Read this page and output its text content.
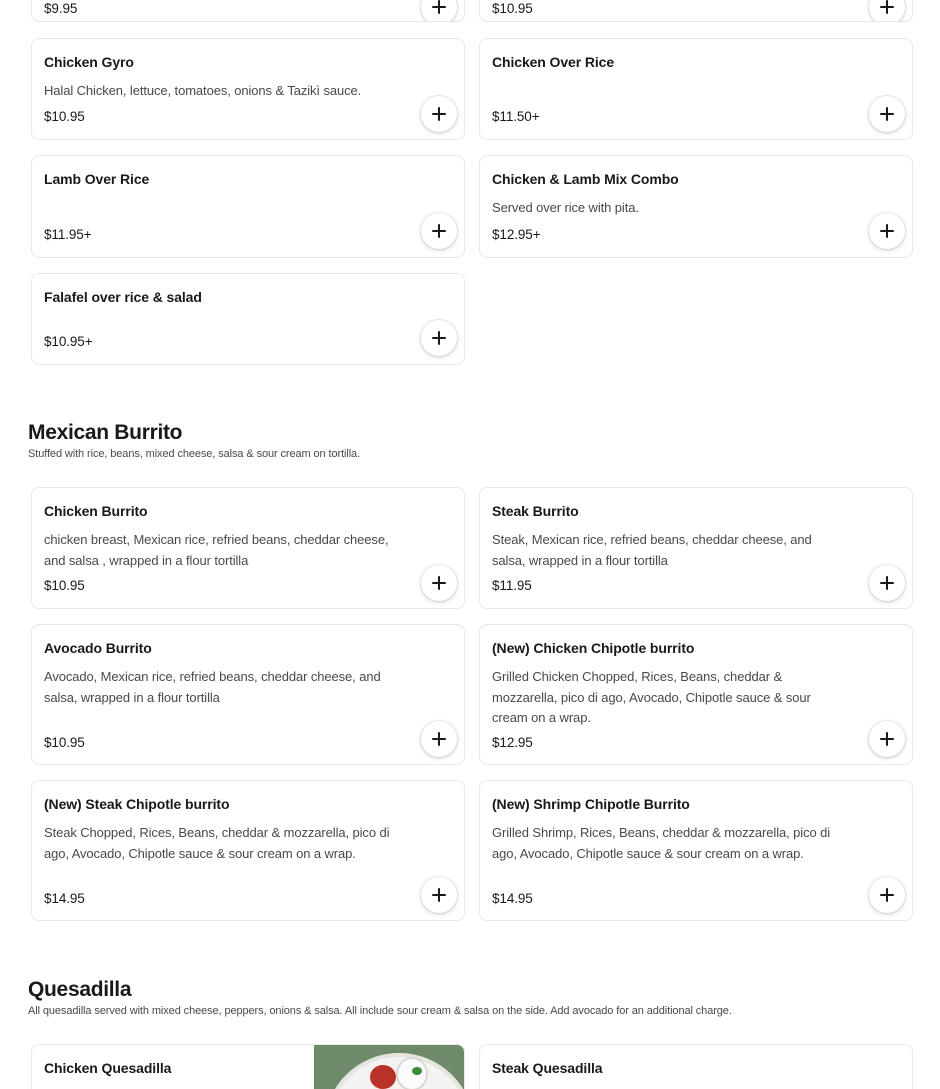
$9.95	$10.95
Chicken Gyro
Halal Chicken, lettuce, tomatoes, onions & Tazikì sauce.
$10.95
Chicken Over Rice
$11.50+
Lamb Over Rice
$11.95+
Chicken & Lamb Mix Combo
Served over rice with pita.
$12.95+
Falafel over rice & salad
$10.95+
Mexican Burrito
Stuffed with rice, beans, mixed cheese, salsa & sour cream on tortilla.
Chicken Burrito
chicken breast, Mexican rice, refried beans, cheddar cheese, and salsa , wrapped in a flour tortilla
$10.95
Steak Burrito
Steak, Mexican rice, refried beans, cheddar cheese, and salsa, wrapped in a flour tortilla
$11.95
Avocado Burrito
Avocado, Mexican rice, refried beans, cheddar cheese, and salsa, wrapped in a flour tortilla
$10.95
(New) Chicken Chipotle burrito
Grilled Chicken Chopped, Rices, Beans, cheddar & mozzarella, pico di ago, Avocado, Chipotle sauce & sour cream on a wrap.
$12.95
(New) Steak Chipotle burrito
Steak Chopped, Rices, Beans, cheddar & mozzarella, pico di ago, Avocado, Chipotle sauce & sour cream on a wrap.
$14.95
(New) Shrimp Chipotle Burrito
Grilled Shrimp, Rices, Beans, cheddar & mozzarella, pico di ago, Avocado, Chipotle sauce & sour cream on a wrap.
$14.95
Quesadilla
All quesadilla served with mixed cheese, peppers, onions & salsa. All include sour cream & salsa on the side. Add avocado for an additional charge.
Chicken Quesadilla	Steak Quesadilla
